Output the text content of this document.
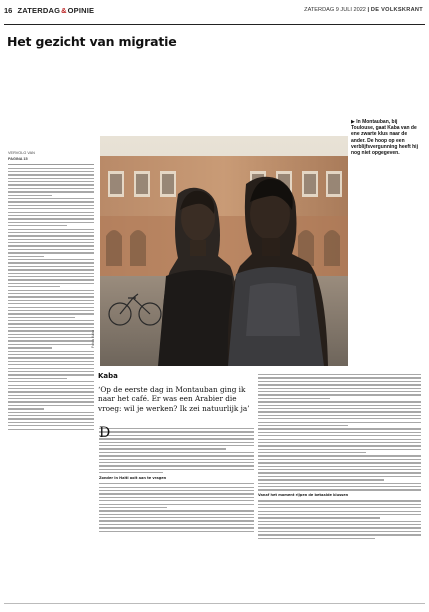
16 ZATERDAG&OPINIE	ZATERDAG 9 JULI 2022 | DE VOLKSKRANT
Het gezicht van migratie
VERVOLG VAN
PAGINA 15
Foto's Kaba
▶ In Montauban, bij Toulouse, gaat Kaba van de ene zwarte klus naar de ander. De hoop op een verblijfsvergunning heeft hij nog niet opgegeven.
Kaba
‘Op de eerste dag in Montauban ging ik naar het café. Er was een Arabier die vroeg: wil je werken? Ik zei natuurlijk ja’
D
Zonder in Haïti ooit aan te vragen
Vanaf het moment rijpen de betaalde klussen
